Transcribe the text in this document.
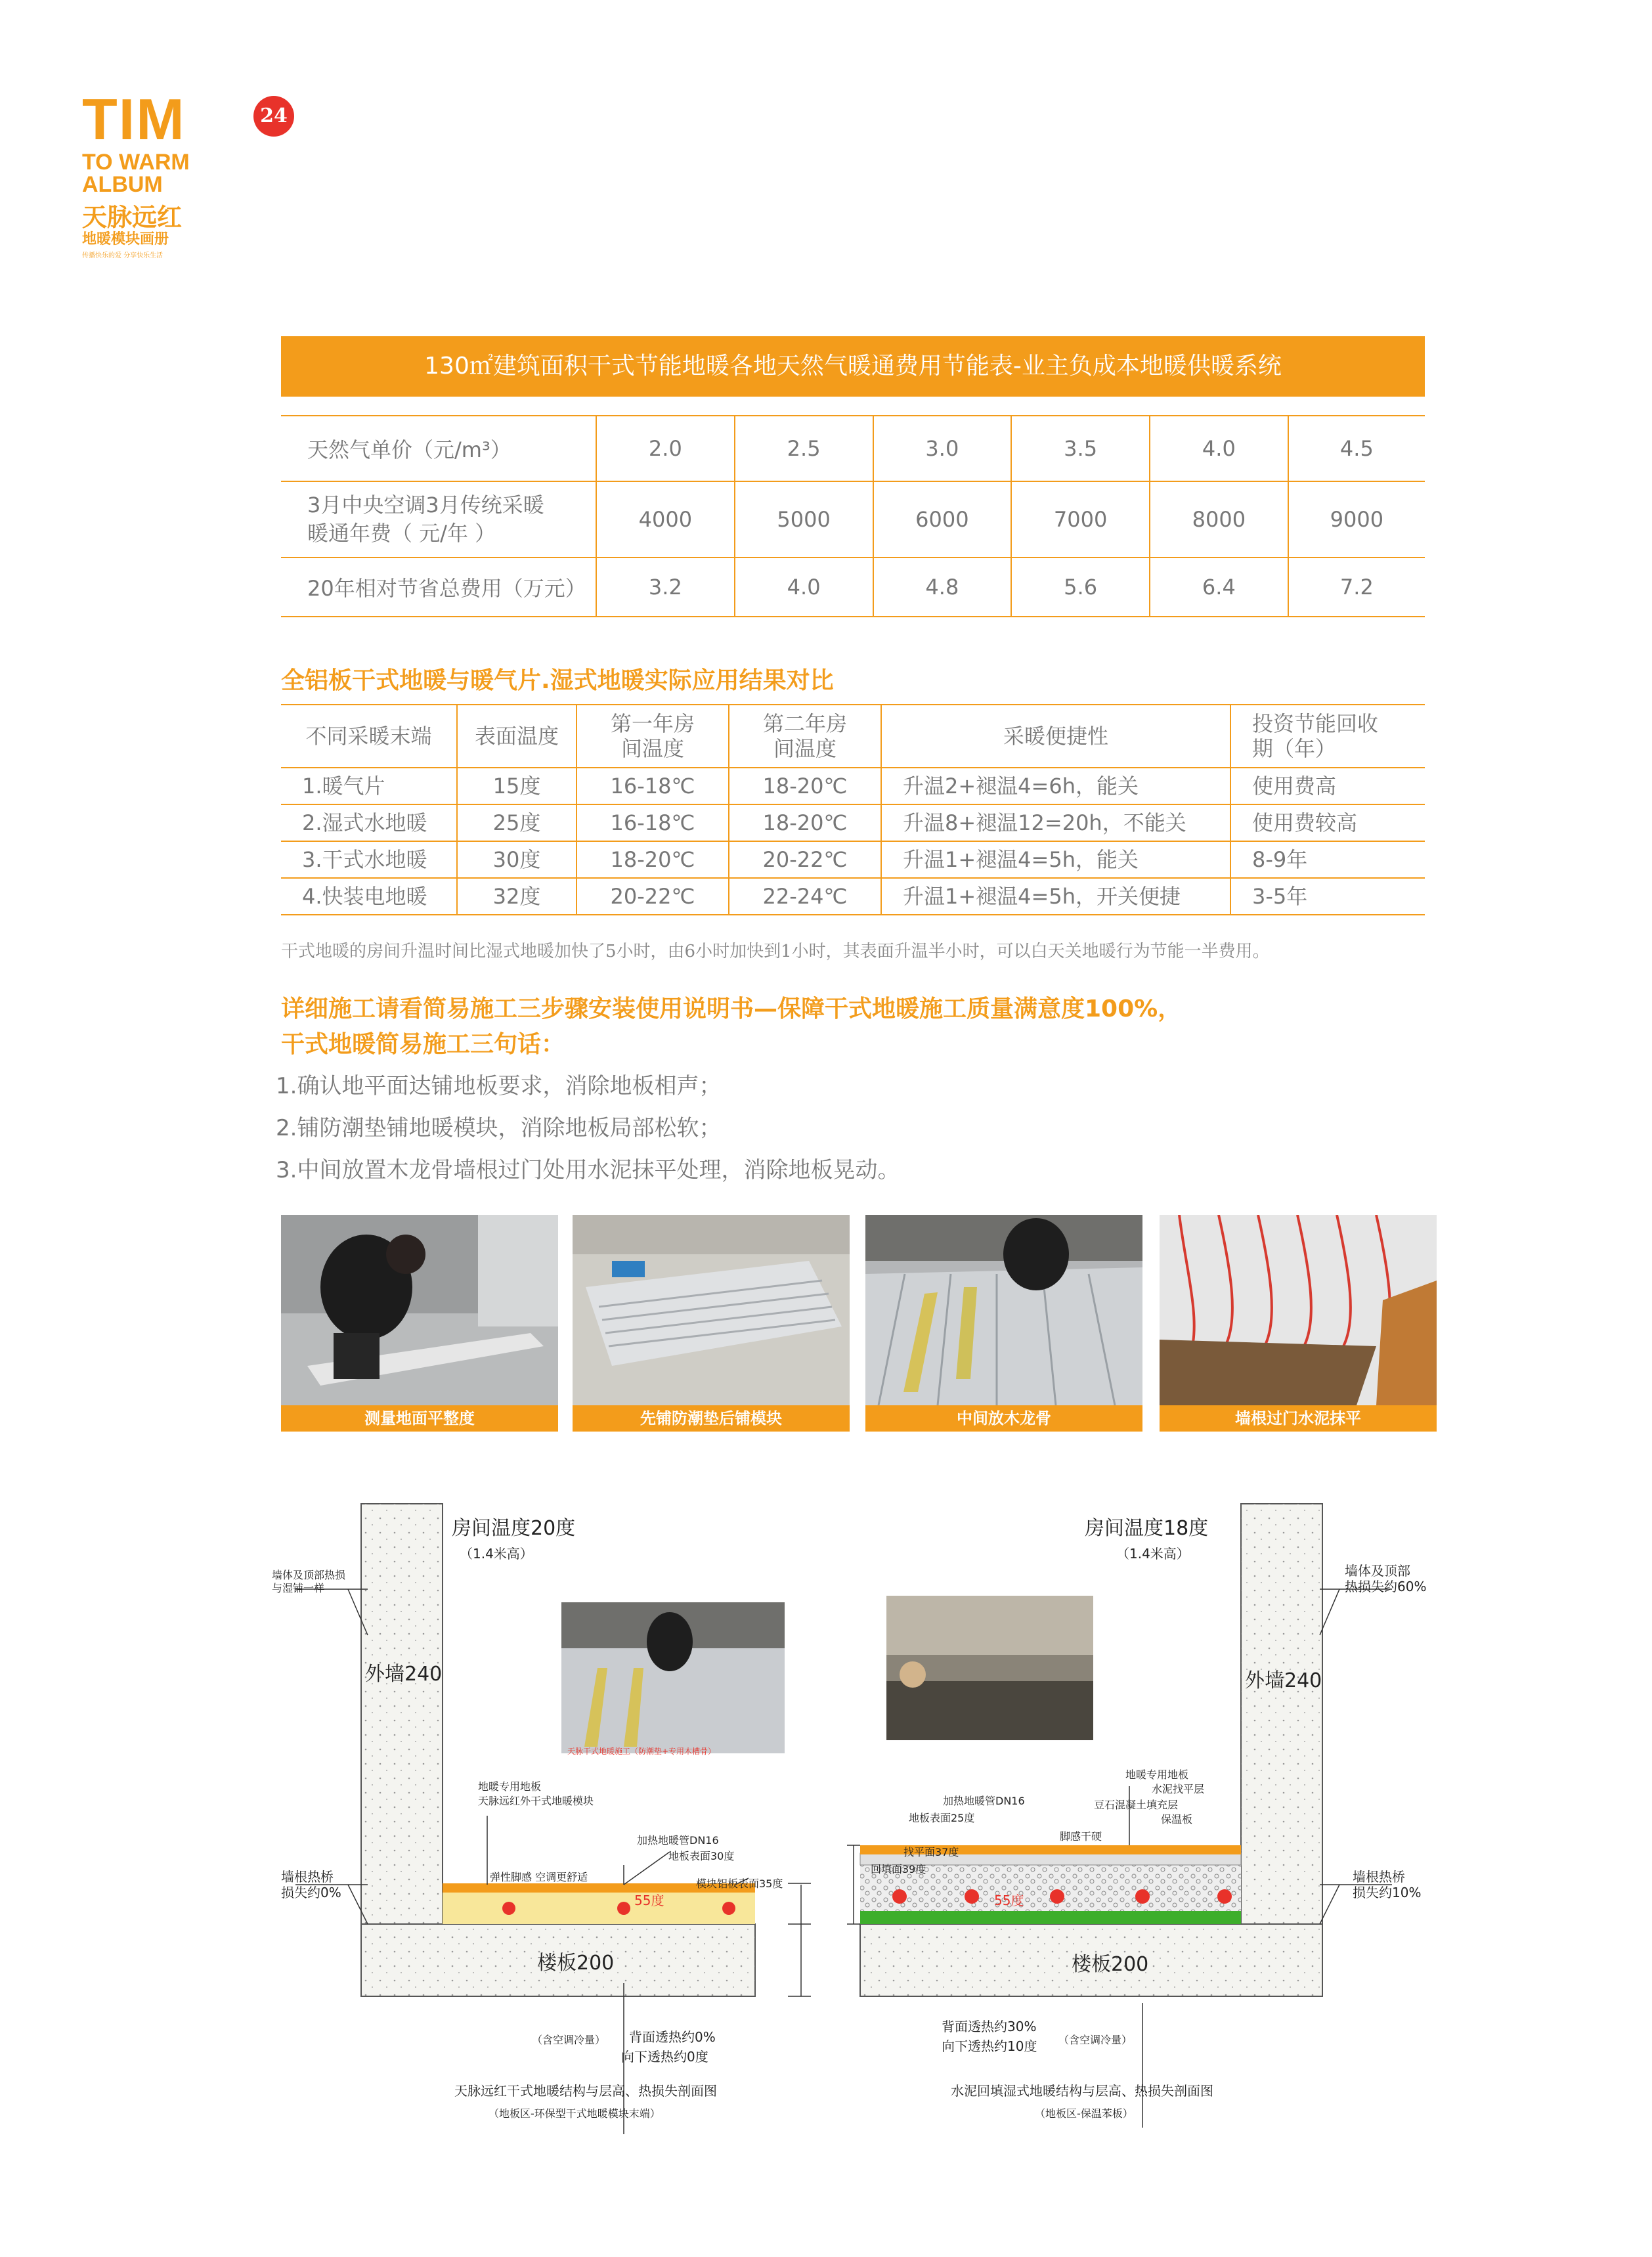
TIM
TO WARM
ALBUM
天脉远红
地暖模块画册
传播快乐的爱 分享快乐生活
24
130㎡建筑面积干式节能地暖各地天然气暖通费用节能表-业主负成本地暖供暖系统
天然气单价（元/m³）	2.0	2.5	3.0	3.5	4.0	4.5
3月中央空调3月传统采暖暖通年费（ 元/年 ）	4000	5000	6000	7000	8000	9000
20年相对节省总费用（万元）	3.2	4.0	4.8	5.6	6.4	7.2
全铝板干式地暖与暖气片.湿式地暖实际应用结果对比
不同采暖末端	表面温度	第一年房间温度	第二年房间温度	采暖便捷性	投资节能回收期（年）
1.暖气片	15度	16-18℃	18-20℃	升温2+褪温4=6h，能关	使用费高
2.湿式水地暖	25度	16-18℃	18-20℃	升温8+褪温12=20h，不能关	使用费较高
3.干式水地暖	30度	18-20℃	20-22℃	升温1+褪温4=5h，能关	8-9年
4.快装电地暖	32度	20-22℃	22-24℃	升温1+褪温4=5h，开关便捷	3-5年
干式地暖的房间升温时间比湿式地暖加快了5小时，由6小时加快到1小时，其表面升温半小时，可以白天关地暖行为节能一半费用。
详细施工请看简易施工三步骤安装使用说明书—保障干式地暖施工质量满意度100%，
干式地暖简易施工三句话：
1.确认地平面达铺地板要求，消除地板相声；
2.铺防潮垫铺地暖模块，消除地板局部松软；
3.中间放置木龙骨墙根过门处用水泥抹平处理，消除地板晃动。
测量地面平整度	先铺防潮垫后铺模块	中间放木龙骨	墙根过门水泥抹平
房间温度20度
（1.4米高）
墙体及顶部热损
与湿铺一样
外墙240
墙根热桥
损失约0%
天脉干式地暖施工（防潮垫+专用木槽骨）
地暖专用地板
天脉远红外干式地暖模块
加热地暖管DN16
地板表面30度
弹性脚感 空调更舒适
模块铝板表面35度
55度
楼板200
（含空调冷量） 背面透热约0%
向下透热约0度
天脉远红干式地暖结构与层高、热损失剖面图
（地板区-环保型干式地暖模块末端）
房间温度18度
（1.4米高）
墙体及顶部
热损失约60%
外墙240
墙根热桥
损失约10%
地暖专用地板
水泥找平层
豆石混凝土填充层
保温板
加热地暖管DN16
地板表面25度
脚感干硬
找平面37度
回填面39度
55度
楼板200
背面透热约30%
向下透热约10度 （含空调冷量）
水泥回填湿式地暖结构与层高、热损失剖面图
（地板区-保温苯板）
